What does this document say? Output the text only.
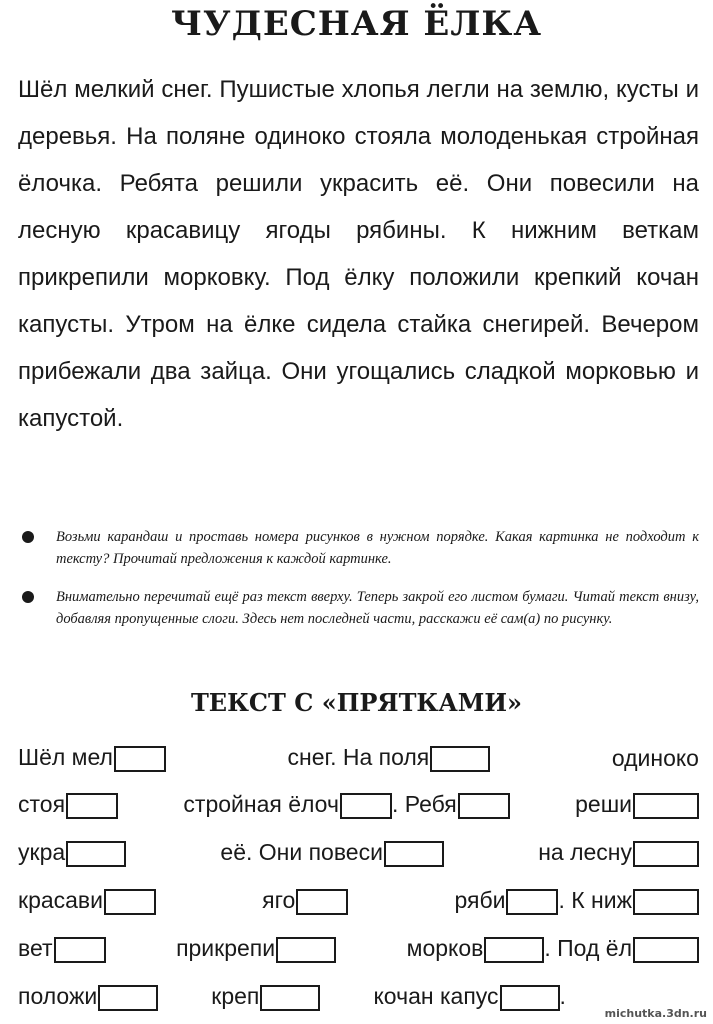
ЧУДЕСНАЯ ЁЛКА

Шёл мелкий снег. Пушистые хлопья легли на землю, кусты и деревья. На поляне одиноко стояла молоденькая стройная ёлочка. Ребята решили украсить её. Они повесили на лесную красавицу ягоды рябины. К нижним веткам прикрепили морковку. Под ёлку положили крепкий кочан капусты. Утром на ёлке сидела стайка снегирей. Вечером прибежали два зайца. Они угощались сладкой морковью и капустой.

Возьми карандаш и проставь номера рисунков в нужном порядке. Какая картинка не подходит к тексту? Прочитай предложения к каждой картинке.
Внимательно перечитай ещё раз текст вверху. Теперь закрой его листом бумаги. Читай текст внизу, добавляя пропущенные слоги. Здесь нет последней части, расскажи её сам(а) по рисунку.
ТЕКСТ С «ПРЯТКАМИ»
Шёл мел	снег. На поля	одиноко
стоя	стройная ёлоч . Ребя	реши
укра	её. Они повеси	на лесну
красави	яго	ряби . К ниж
вет	прикрепи	морков	. Под ёл
положи	креп	кочан капус	.
michutka.3dn.ru
